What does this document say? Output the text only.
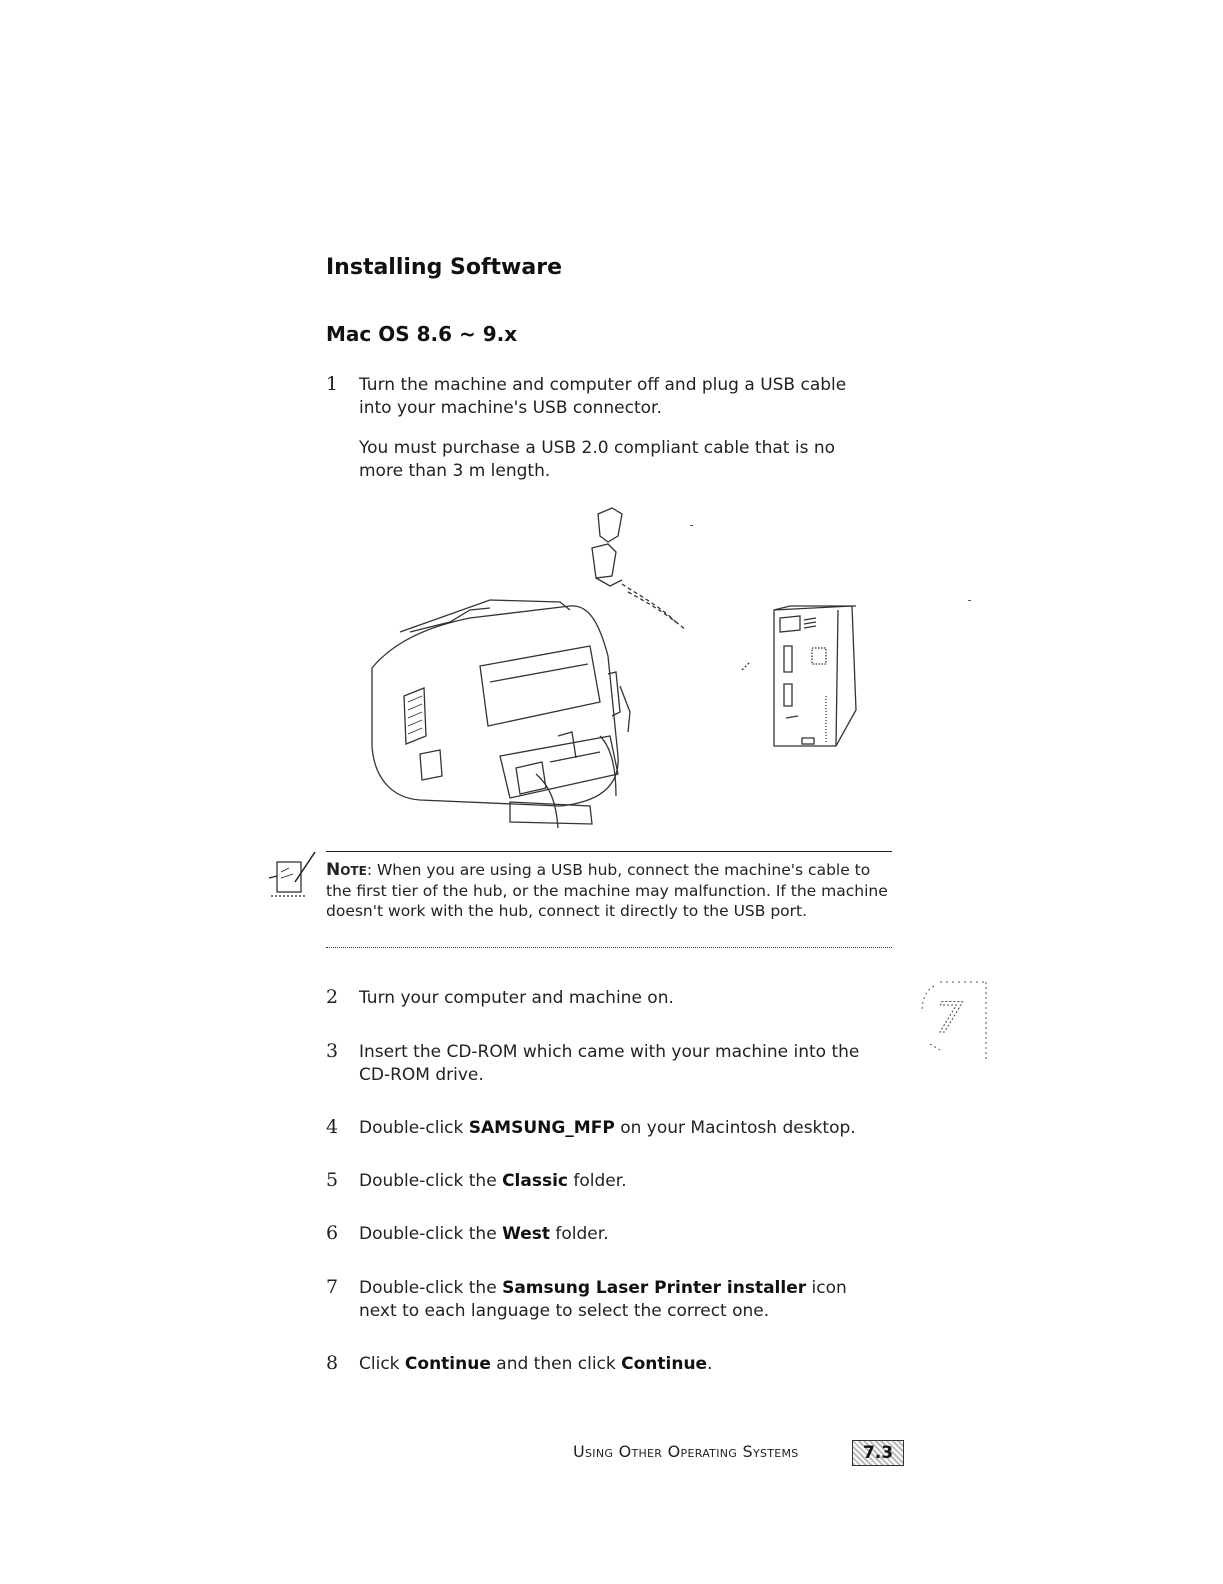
Installing Software
Mac OS 8.6 ~ 9.x
1 Turn the machine and computer off and plug a USB cable into your machine's USB connector.
You must purchase a USB 2.0 compliant cable that is no more than 3 m length.
Note: When you are using a USB hub, connect the machine's cable to the first tier of the hub, or the machine may malfunction. If the machine doesn't work with the hub, connect it directly to the USB port.
2 Turn your computer and machine on.
3 Insert the CD-ROM which came with your machine into the CD-ROM drive.
4 Double-click SAMSUNG_MFP on your Macintosh desktop.
5 Double-click the Classic folder.
6 Double-click the West folder.
7 Double-click the Samsung Laser Printer installer icon next to each language to select the correct one.
8 Click Continue and then click Continue.
7
Using Other Operating Systems	7.3
